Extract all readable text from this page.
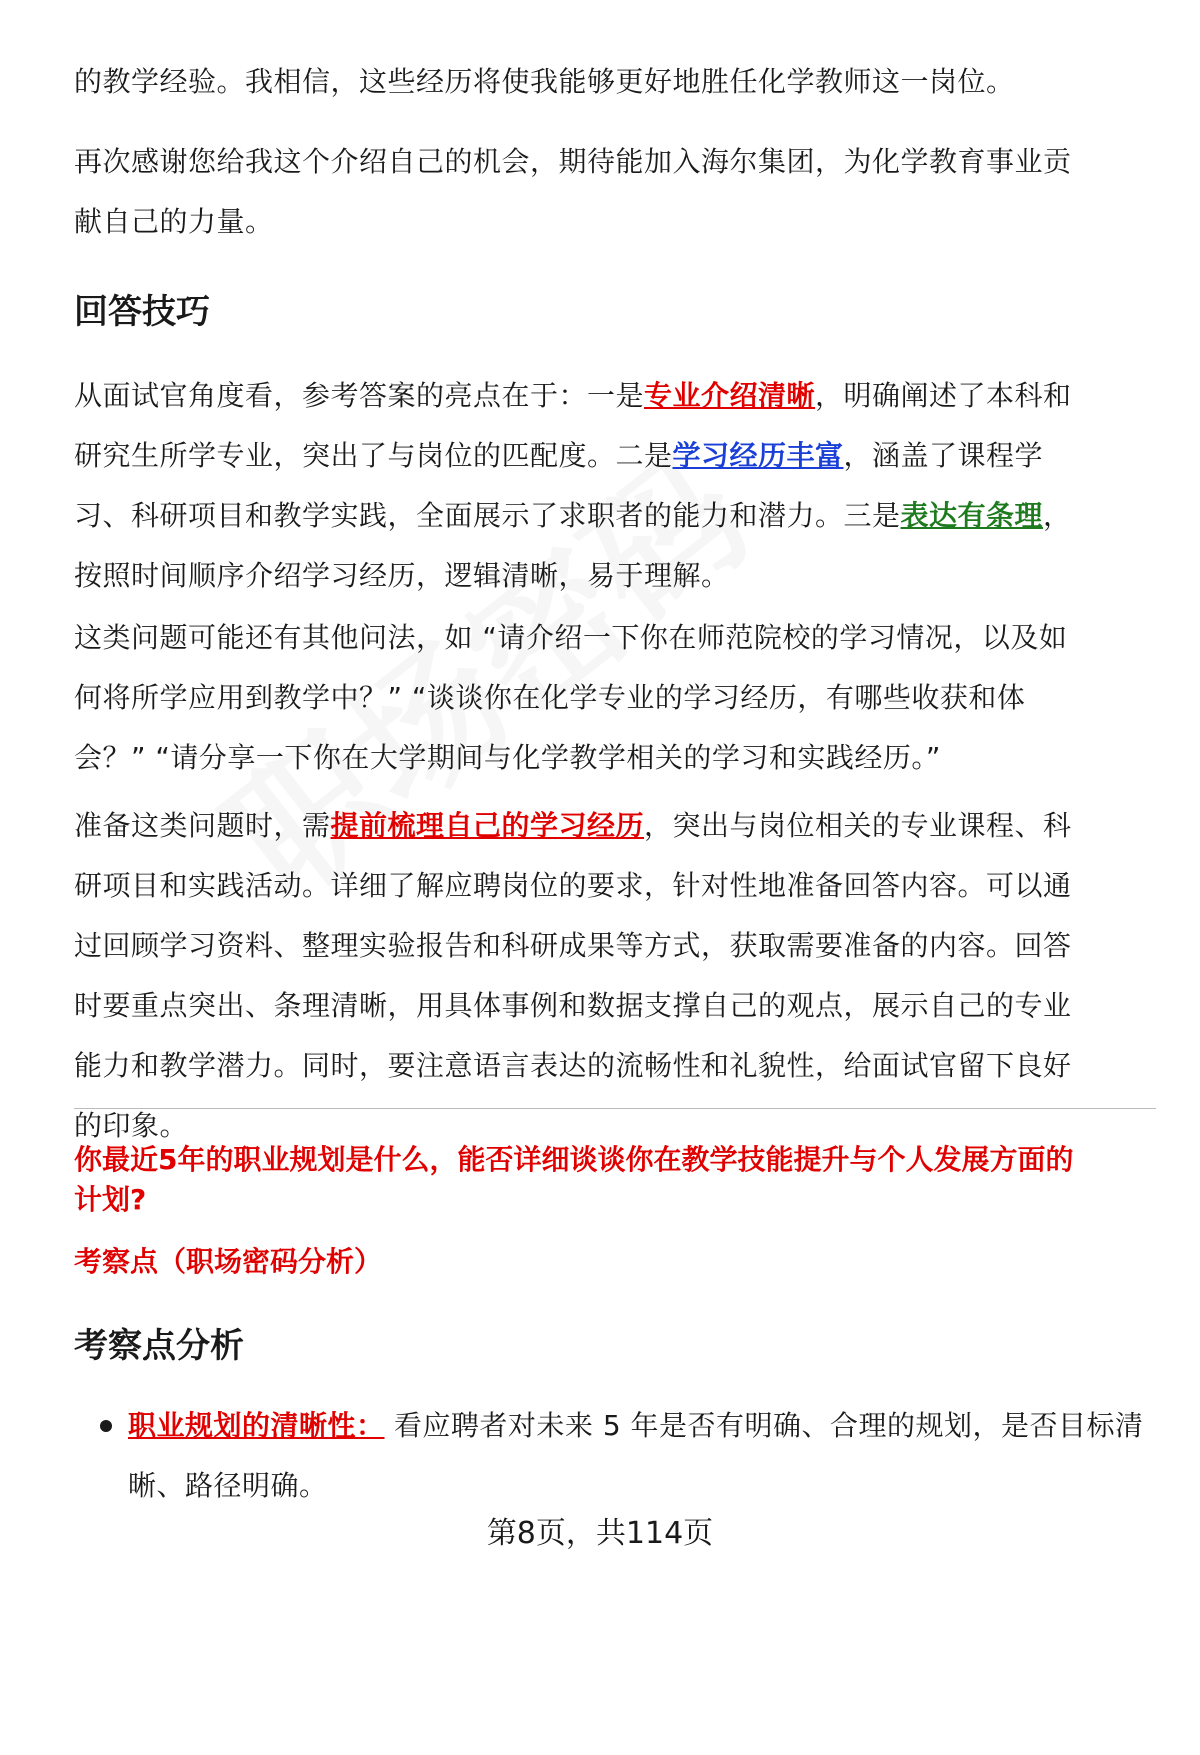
的教学经验。我相信，这些经历将使我能够更好地胜任化学教师这一岗位。

再次感谢您给我这个介绍自己的机会，期待能加入海尔集团，为化学教育事业贡献自己的力量。

回答技巧

从面试官角度看，参考答案的亮点在于：一是专业介绍清晰，明确阐述了本科和研究生所学专业，突出了与岗位的匹配度。二是学习经历丰富，涵盖了课程学习、科研项目和教学实践，全面展示了求职者的能力和潜力。三是表达有条理，按照时间顺序介绍学习经历，逻辑清晰，易于理解。

这类问题可能还有其他问法，如 “请介绍一下你在师范院校的学习情况，以及如何将所学应用到教学中？” “谈谈你在化学专业的学习经历，有哪些收获和体会？” “请分享一下你在大学期间与化学教学相关的学习和实践经历。”

准备这类问题时，需提前梳理自己的学习经历，突出与岗位相关的专业课程、科研项目和实践活动。详细了解应聘岗位的要求，针对性地准备回答内容。可以通过回顾学习资料、整理实验报告和科研成果等方式，获取需要准备的内容。回答时要重点突出、条理清晰，用具体事例和数据支撑自己的观点，展示自己的专业能力和教学潜力。同时，要注意语言表达的流畅性和礼貌性，给面试官留下良好的印象。

你最近5年的职业规划是什么，能否详细谈谈你在教学技能提升与个人发展方面的计划?

考察点（职场密码分析）

考察点分析
职业规划的清晰性： 看应聘者对未来 5 年是否有明确、合理的规划，是否目标清晰、路径明确。
第8页，共114页
